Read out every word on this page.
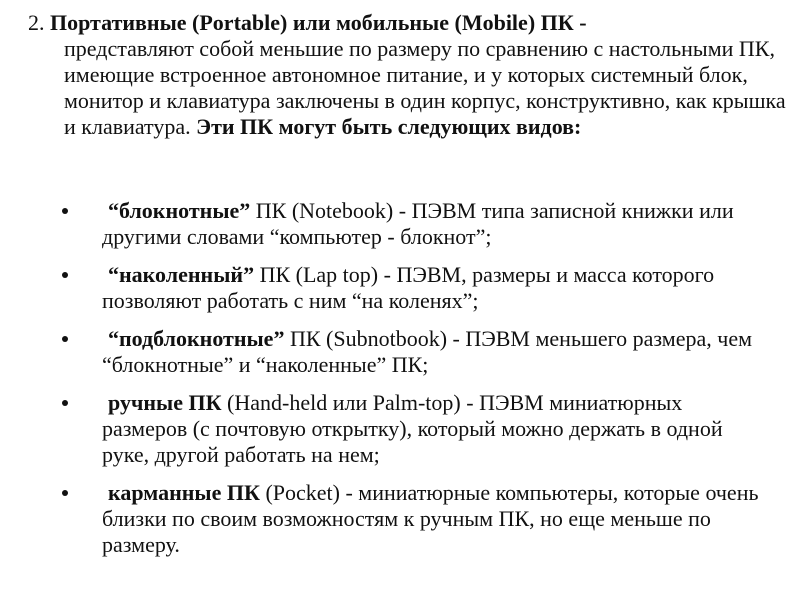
2. Портативные (Portable) или мобильные (Mobile) ПК -
представляют собой меньшие по размеру по сравнению с настольными ПК, имеющие встроенное автономное питание, и у которых системный блок, монитор и клавиатура заключены в один корпус, конструктивно, как крышка и клавиатура. Эти ПК могут быть следующих видов:
“блокнотные” ПК (Notebook) - ПЭВМ типа записной книжки или другими словами “компьютер - блокнот”;
“наколенный” ПК (Lap top) - ПЭВМ, размеры и масса которого позволяют работать с ним “на коленях”;
“подблокнотные” ПК (Subnotbook) - ПЭВМ меньшего размера, чем “блокнотные” и “наколенные” ПК;
ручные ПК (Hand-held или Palm-top) - ПЭВМ миниатюрных размеров (с почтовую открытку), который можно держать в одной руке, другой работать на нем;
карманные ПК (Pocket) - миниатюрные компьютеры, которые очень близки по своим возможностям к ручным ПК, но еще меньше по размеру.
